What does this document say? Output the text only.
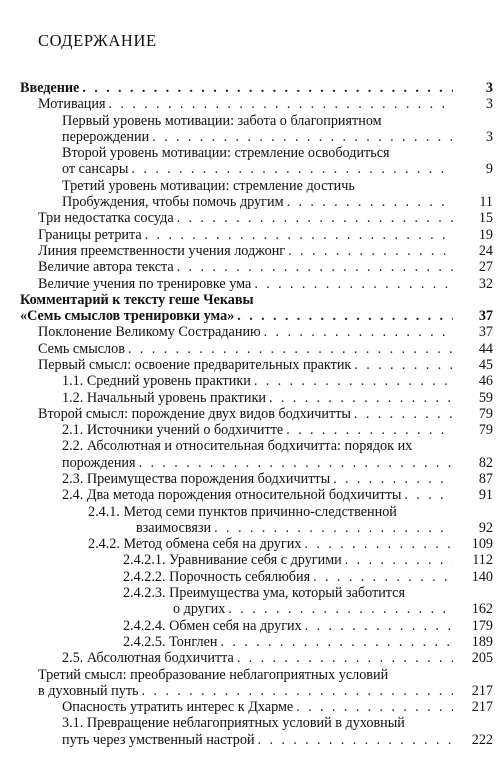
СОДЕРЖАНИЕ
Введение . . .	3
Мотивация . . .	3
Первый уровень мотивации: забота о благоприятном
перерождении . . .	3
Второй уровень мотивации: стремление освободиться
от сансары . . .	9
Третий уровень мотивации: стремление достичь
Пробуждения, чтобы помочь другим . . .	11
Три недостатка сосуда . . .	15
Границы ретрита . . .	19
Линия преемственности учения лоджонг . . .	24
Величие автора текста . . .	27
Величие учения по тренировке ума . . .	32
Комментарий к тексту геше Чекавы
«Семь смыслов тренировки ума» . . .	37
Поклонение Великому Состраданию . . .	37
Семь смыслов . . .	44
Первый смысл: освоение предварительных практик . . .	45
1.1. Средний уровень практики . . .	46
1.2. Начальный уровень практики . . .	59
Второй смысл: порождение двух видов бодхичитты . . .	79
2.1. Источники учений о бодхичитте . . .	79
2.2. Абсолютная и относительная бодхичитта: порядок их
порождения . . .	82
2.3. Преимущества порождения бодхичитты . . .	87
2.4. Два метода порождения относительной бодхичитты . . .	91
2.4.1. Метод семи пунктов причинно-следственной
взаимосвязи . . .	92
2.4.2. Метод обмена себя на других . . .	109
2.4.2.1. Уравнивание себя с другими . . .	112
2.4.2.2. Порочность себялюбия . . .	140
2.4.2.3. Преимущества ума, который заботится
о других . . .	162
2.4.2.4. Обмен себя на других . . .	179
2.4.2.5. Тонглен . . .	189
2.5. Абсолютная бодхичитта . . .	205
Третий смысл: преобразование неблагоприятных условий
в духовный путь . . .	217
Опасность утратить интерес к Дхарме . . .	217
3.1. Превращение неблагоприятных условий в духовный
путь через умственный настрой . . .	222
